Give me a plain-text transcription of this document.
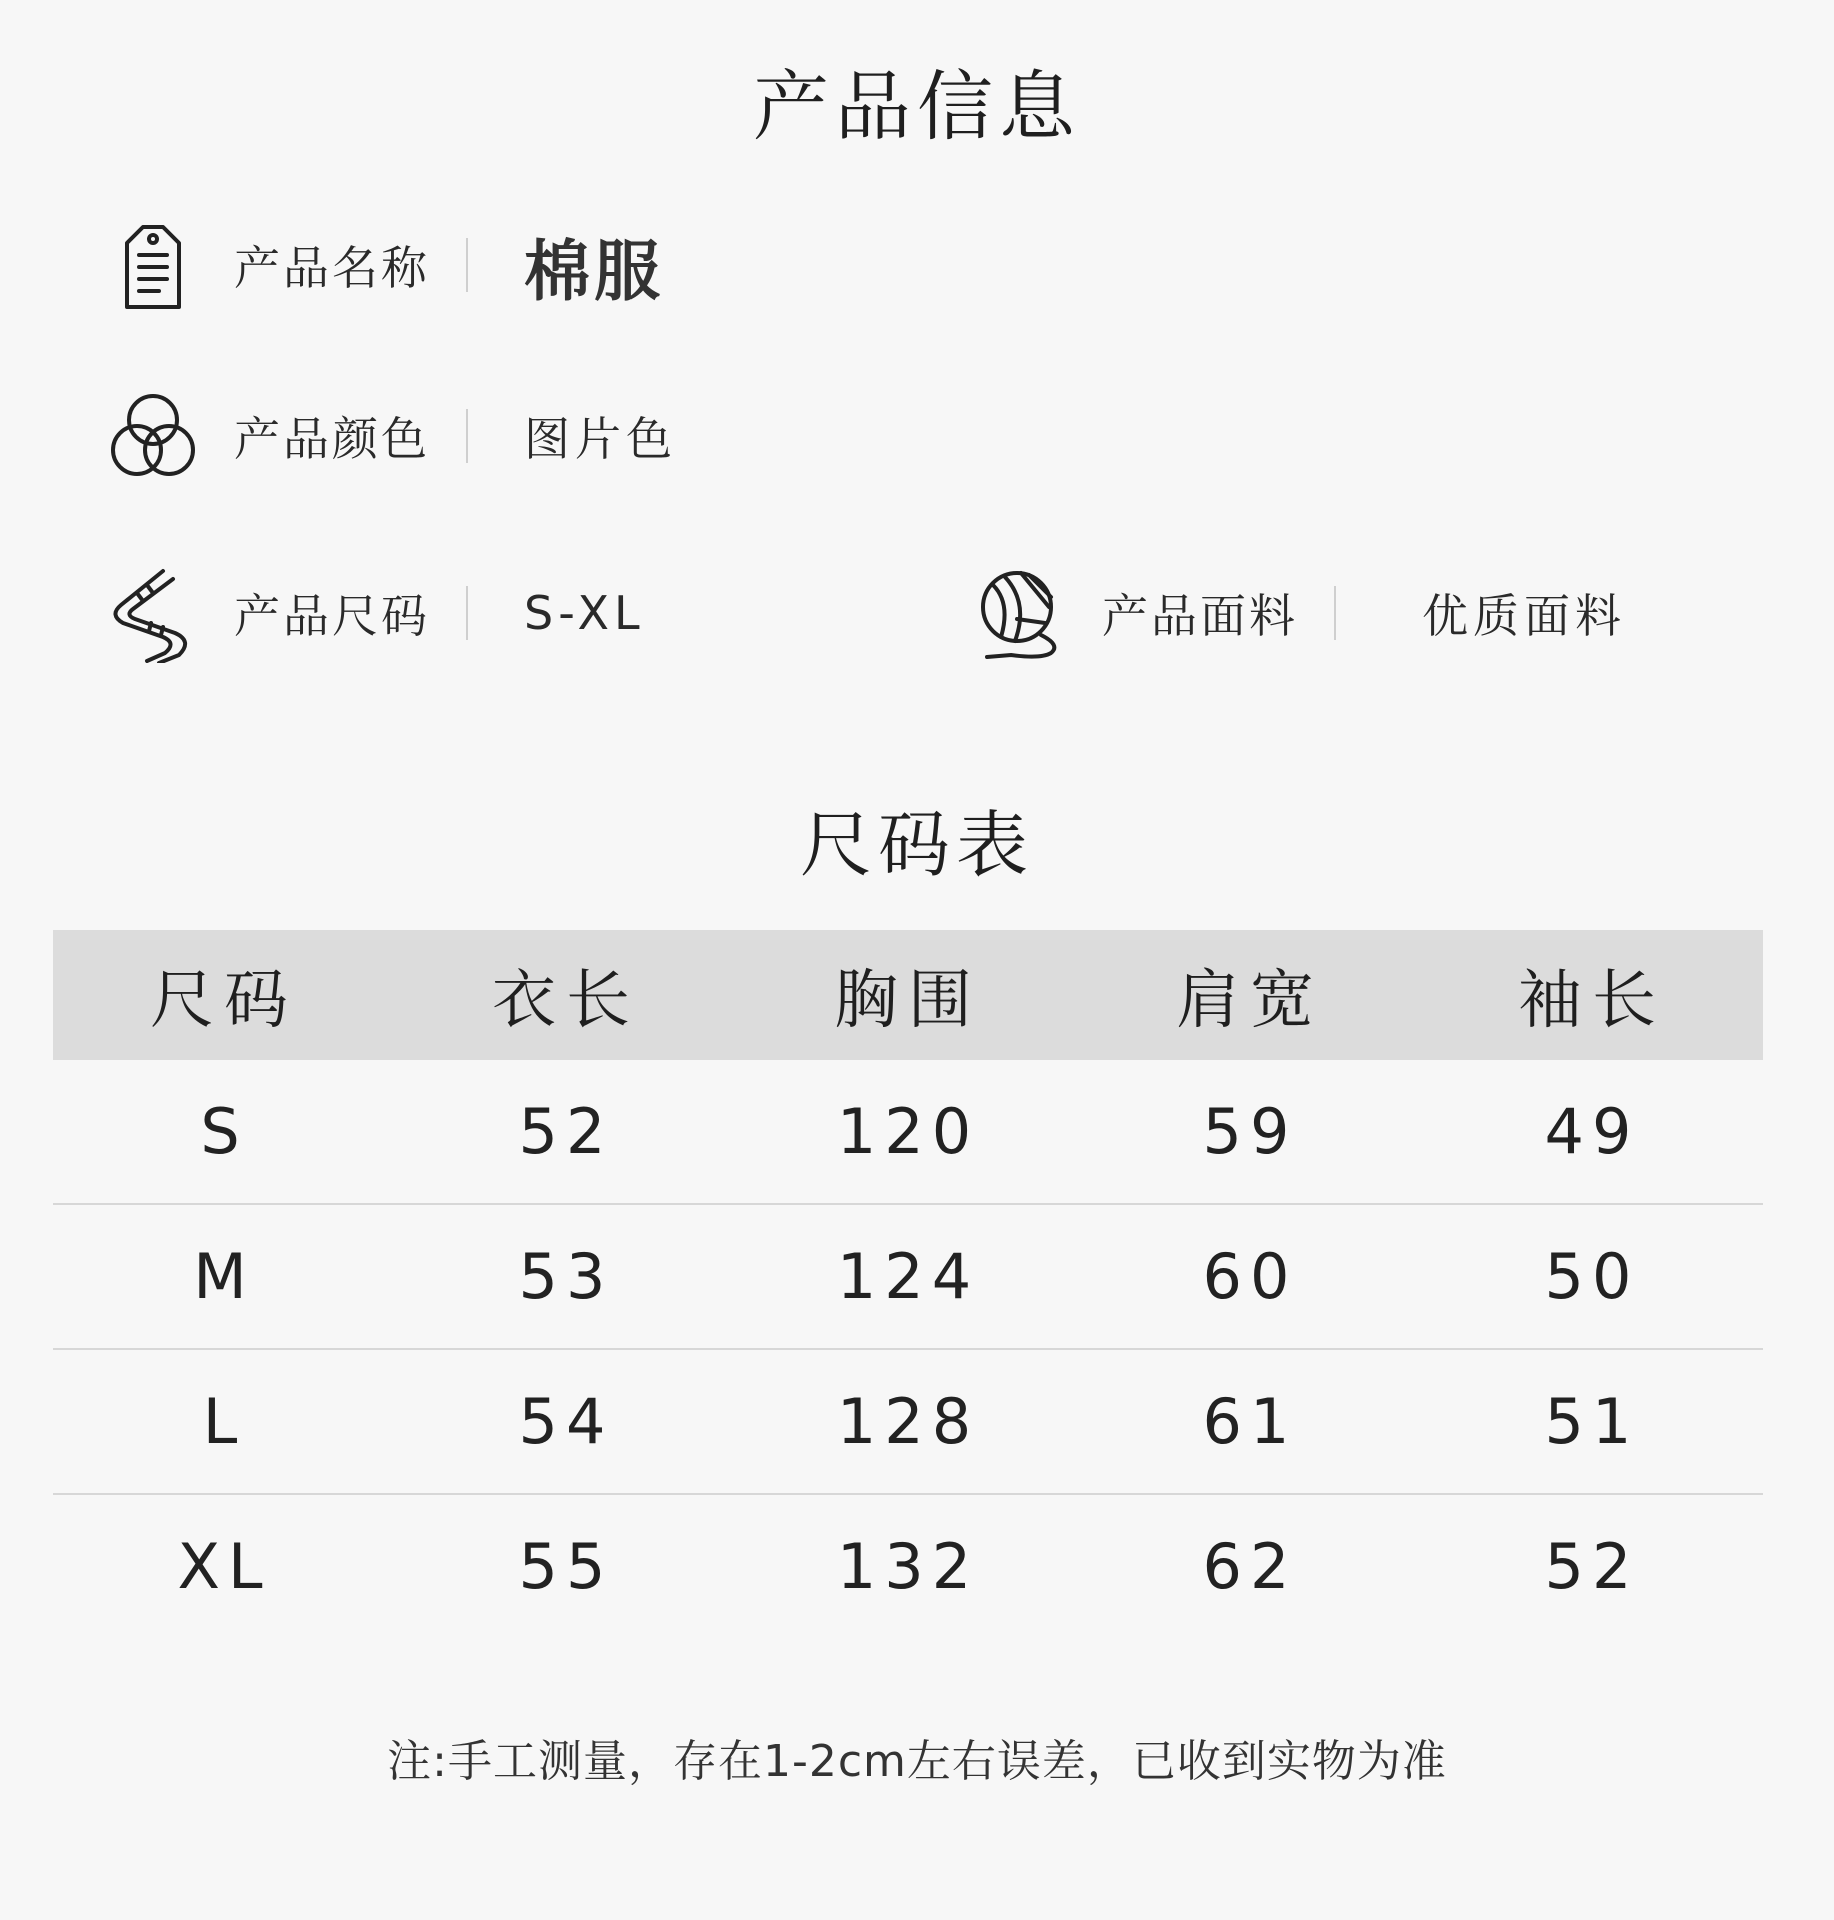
产品信息
产品名称 棉服
产品颜色 图片色
产品尺码 S-XL	产品面料	优质面料
尺码表
尺码	衣长	胸围	肩宽	袖长
S	52	120	59	49
M	53	124	60	50
L	54	128	61	51
XL	55	132	62	52
注:手工测量，存在1-2cm左右误差，已收到实物为准
